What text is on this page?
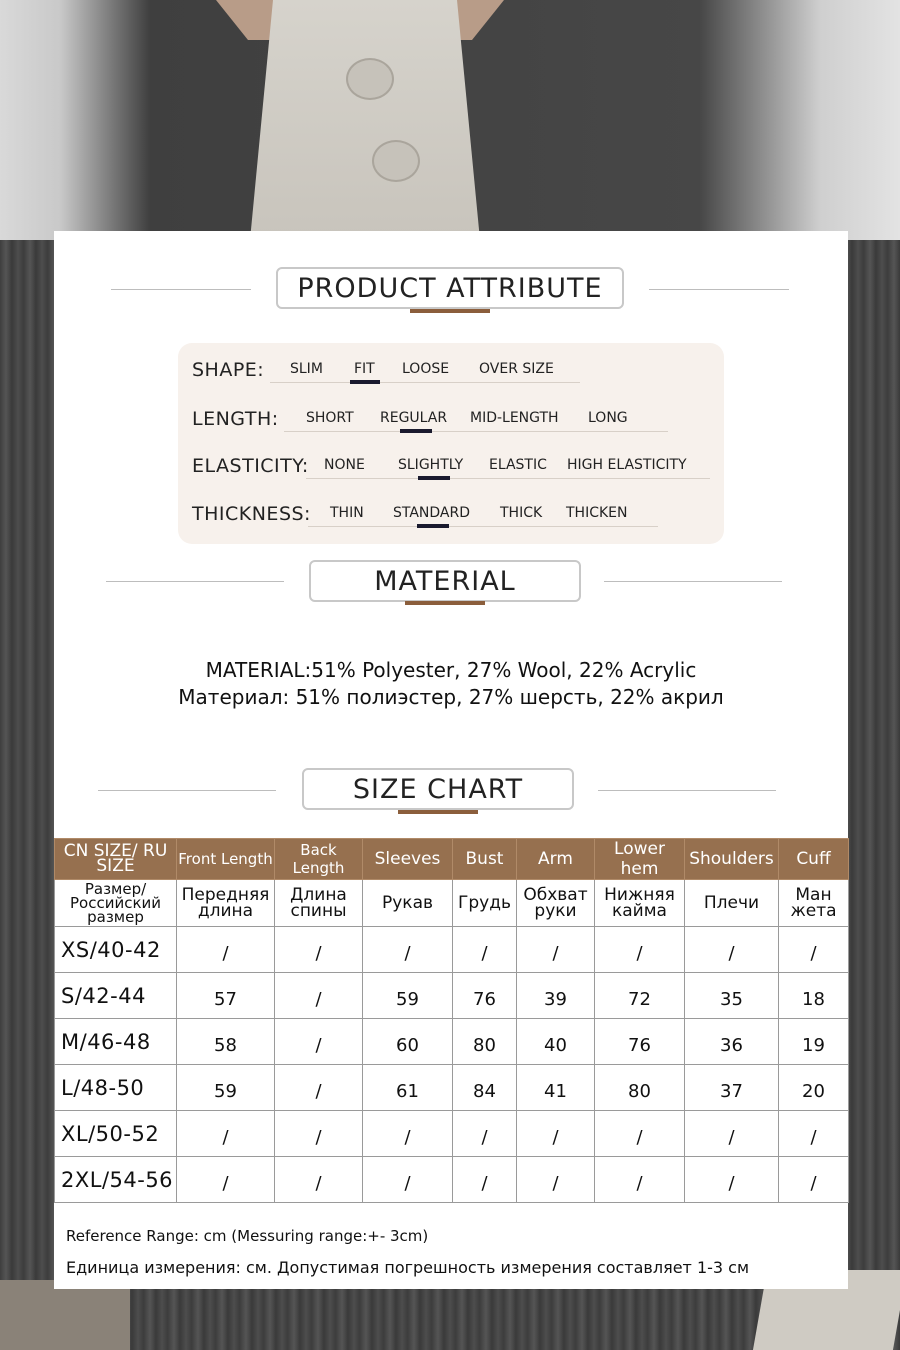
PRODUCT ATTRIBUTE
SHAPE: SLIM FIT LOOSE OVER SIZE
LENGTH: SHORT REGULAR MID-LENGTH LONG
ELASTICITY: NONE SLIGHTLY ELASTIC HIGH ELASTICITY
THICKNESS: THIN STANDARD THICK THICKEN
MATERIAL
MATERIAL:51% Polyester, 27% Wool, 22% Acrylic
Материал: 51% полиэстер, 27% шерсть, 22% акрил
SIZE CHART
CN SIZE/ RU SIZE	Front Length	Back Length	Sleeves	Bust	Arm	Lower hem	Shoulders	Cuff
Размер/ Российский размер	Передняя длина	Длина спины	Рукав	Грудь	Обхват руки	Нижняя кайма	Плечи	Ман жета
XS/40-42	/	/	/	/	/	/	/	/
S/42-44	57	/	59	76	39	72	35	18
M/46-48	58	/	60	80	40	76	36	19
L/48-50	59	/	61	84	41	80	37	20
XL/50-52	/	/	/	/	/	/	/	/
2XL/54-56	/	/	/	/	/	/	/	/
Reference Range: cm (Messuring range:+- 3cm)
Единица измерения: см. Допустимая погрешность измерения составляет 1-3 см
